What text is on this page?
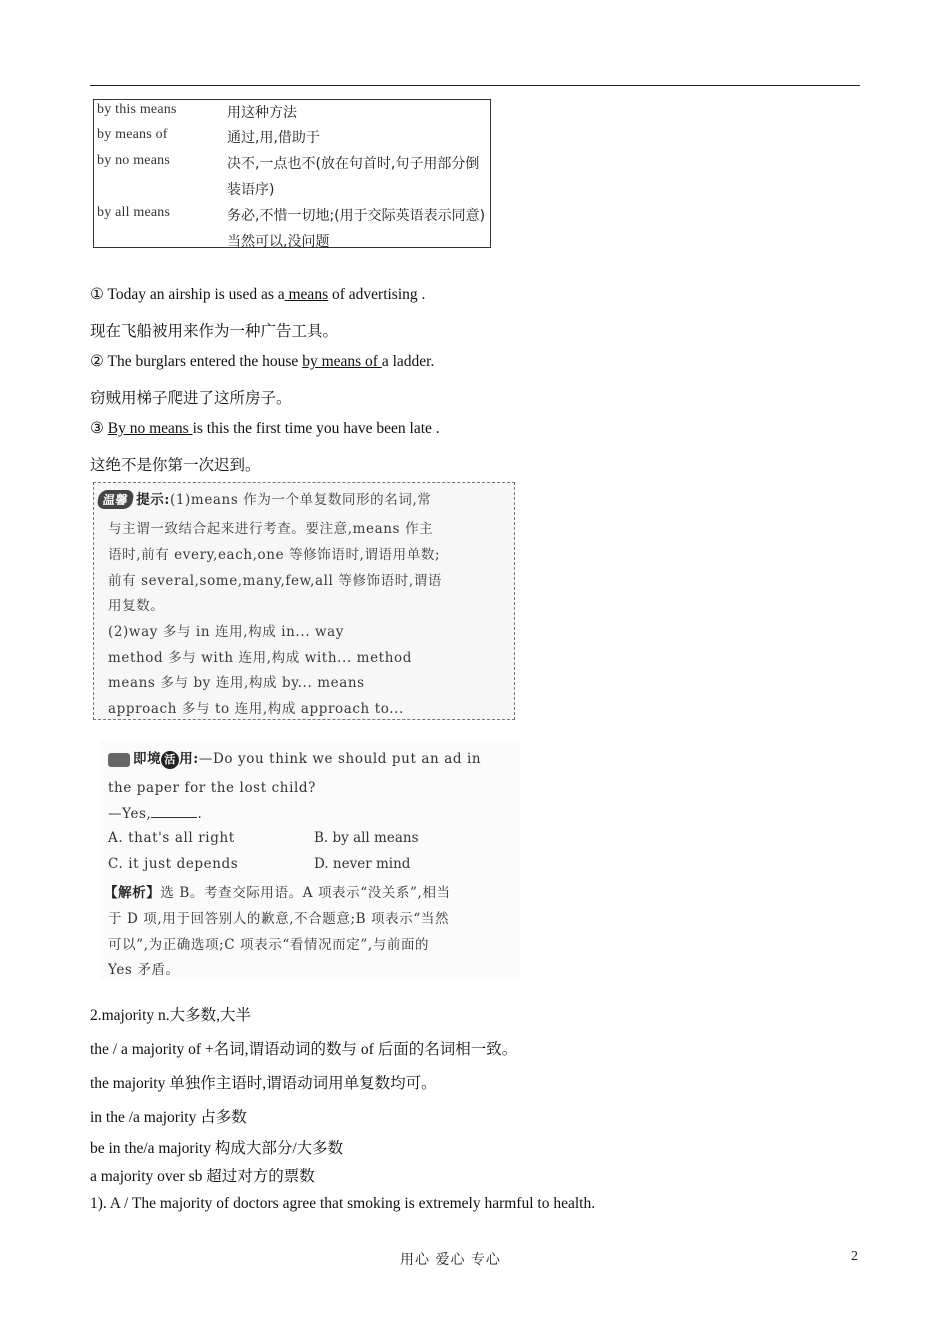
by this means	用这种方法
by means of	通过,用,借助于
by no means	决不,一点也不(放在句首时,句子用部分倒装语序)
by all means	务必,不惜一切地;(用于交际英语表示同意)当然可以,没问题
① Today an airship is used as a means of advertising .
现在飞船被用来作为一种广告工具。
② The burglars entered the house by means of a ladder.
窃贼用梯子爬进了这所房子。
③ By no means is this the first time you have been late .
这绝不是你第一次迟到。
温馨 提示:(1)means 作为一个单复数同形的名词,常
与主谓一致结合起来进行考查。要注意,means 作主
语时,前有 every,each,one 等修饰语时,谓语用单数;
前有 several,some,many,few,all 等修饰语时,谓语
用复数。
(2)way 多与 in 连用,构成 in... way
method 多与 with 连用,构成 with... method
means 多与 by 连用,构成 by... means
approach 多与 to 连用,构成 approach to...
即境 活 用:—Do you think we should put an ad in
the paper for the lost child?
—Yes,	.
A. that's all right	B. by all means
C. it just depends	D. never mind
【解析】选 B。考查交际用语。A 项表示“没关系”,相当
于 D 项,用于回答别人的歉意,不合题意;B 项表示“当然
可以”,为正确选项;C 项表示“看情况而定”,与前面的
Yes 矛盾。
2.majority n.大多数,大半
the / a majority of +名词,谓语动词的数与 of 后面的名词相一致。
the majority 单独作主语时,谓语动词用单复数均可。
in the /a majority 占多数
be in the/a majority 构成大部分/大多数
a majority over sb 超过对方的票数
1). A / The majority of doctors agree that smoking is extremely harmful to health.
用心 爱心 专心	2
